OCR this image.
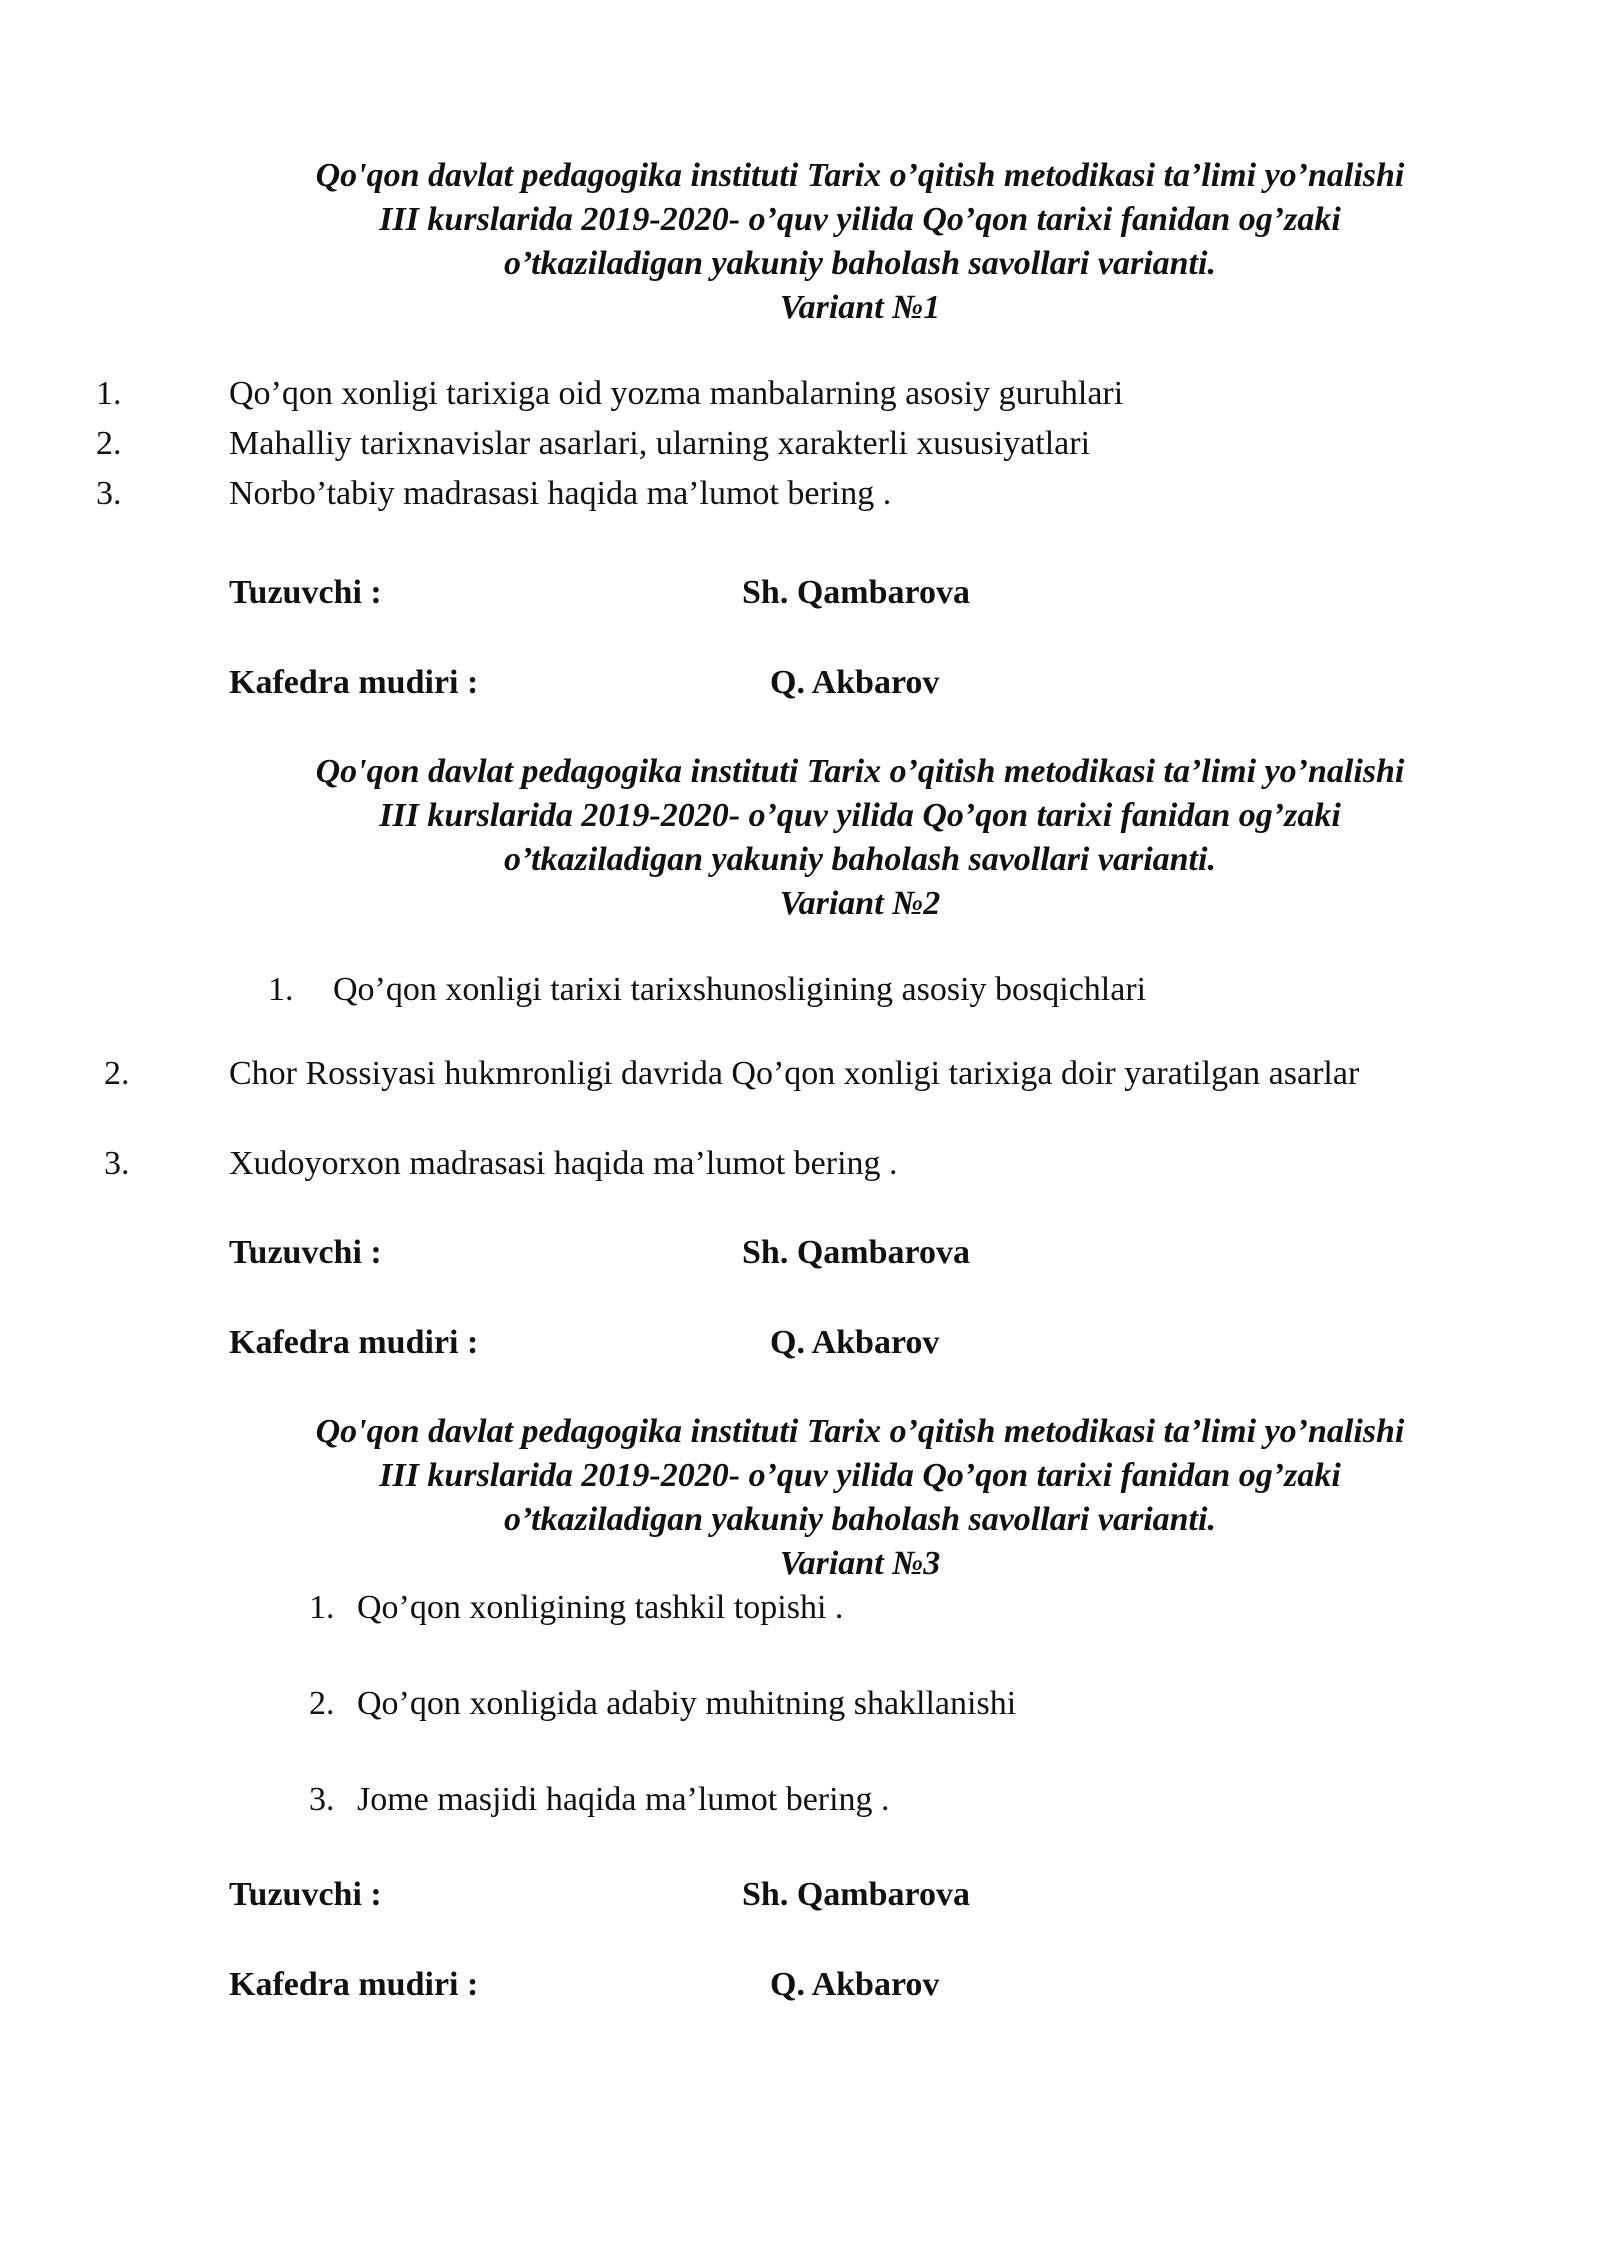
Qo'qon davlat pedagogika instituti Tarix o’qitish metodikasi ta’limi yo’nalishi
III kurslarida 2019-2020- o’quv yilida Qo’qon tarixi fanidan og’zaki
o’tkaziladigan yakuniy baholash savollari varianti.
Variant №1
1.	Qo’qon xonligi tarixiga oid yozma manbalarning asosiy guruhlari
2.	Mahalliy tarixnavislar asarlari, ularning xarakterli xususiyatlari
3.	Norbo’tabiy madrasasi haqida ma’lumot bering .
Tuzuvchi :	Sh. Qambarova
Kafedra mudiri :	Q. Akbarov
Qo'qon davlat pedagogika instituti Tarix o’qitish metodikasi ta’limi yo’nalishi
III kurslarida 2019-2020- o’quv yilida Qo’qon tarixi fanidan og’zaki
o’tkaziladigan yakuniy baholash savollari varianti.
Variant №2
1. Qo’qon xonligi tarixi tarixshunosligining asosiy bosqichlari
2.	Chor Rossiyasi hukmronligi davrida Qo’qon xonligi tarixiga doir yaratilgan asarlar
3.	Xudoyorxon madrasasi haqida ma’lumot bering .
Tuzuvchi :	Sh. Qambarova
Kafedra mudiri :	Q. Akbarov
Qo'qon davlat pedagogika instituti Tarix o’qitish metodikasi ta’limi yo’nalishi
III kurslarida 2019-2020- o’quv yilida Qo’qon tarixi fanidan og’zaki
o’tkaziladigan yakuniy baholash savollari varianti.
Variant №3
1. Qo’qon xonligining tashkil topishi .
2. Qo’qon xonligida adabiy muhitning shakllanishi
3. Jome masjidi haqida ma’lumot bering .
Tuzuvchi :	Sh. Qambarova
Kafedra mudiri :	Q. Akbarov
